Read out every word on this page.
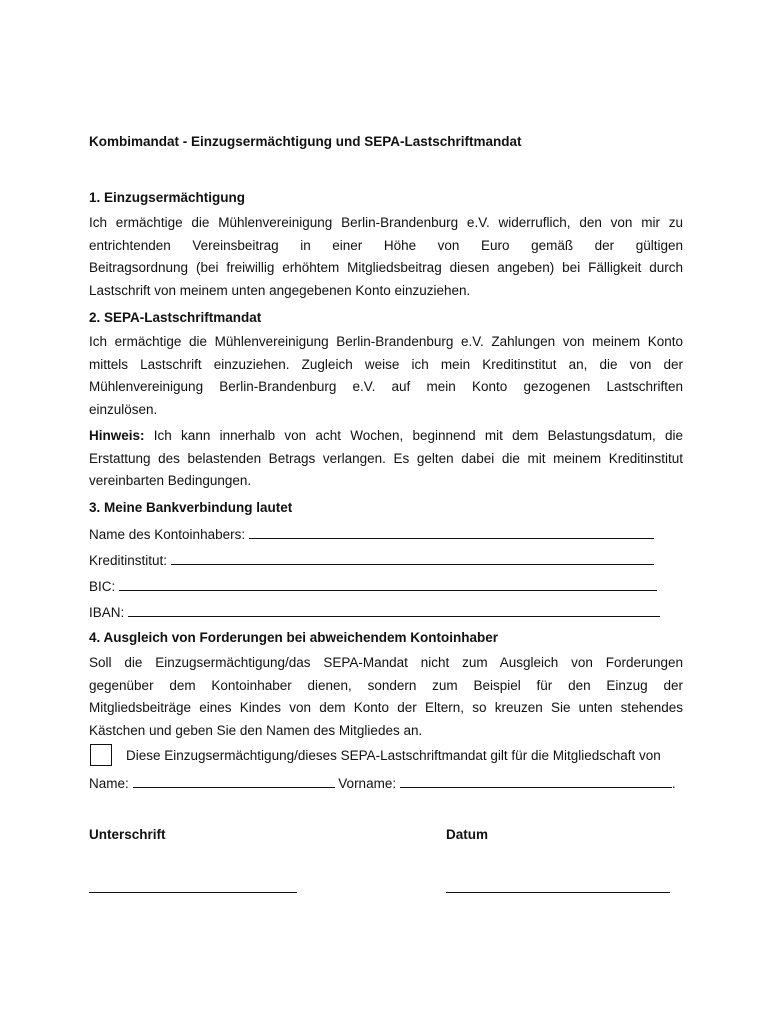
Kombimandat - Einzugsermächtigung und SEPA-Lastschriftmandat
1. Einzugsermächtigung
Ich ermächtige die Mühlenvereinigung Berlin-Brandenburg e.V. widerruflich, den von mir zu
entrichtenden Vereinsbeitrag in einer Höhe von Euro gemäß der gültigen
Beitragsordnung (bei freiwillig erhöhtem Mitgliedsbeitrag diesen angeben) bei Fälligkeit durch
Lastschrift von meinem unten angegebenen Konto einzuziehen.
2. SEPA-Lastschriftmandat
Ich ermächtige die Mühlenvereinigung Berlin-Brandenburg e.V. Zahlungen von meinem Konto
mittels Lastschrift einzuziehen. Zugleich weise ich mein Kreditinstitut an, die von der
Mühlenvereinigung Berlin-Brandenburg e.V. auf mein Konto gezogenen Lastschriften
einzulösen.
Hinweis: Ich kann innerhalb von acht Wochen, beginnend mit dem Belastungsdatum, die
Erstattung des belastenden Betrags verlangen. Es gelten dabei die mit meinem Kreditinstitut
vereinbarten Bedingungen.
3. Meine Bankverbindung lautet
Name des Kontoinhabers:
Kreditinstitut:
BIC:
IBAN:
4. Ausgleich von Forderungen bei abweichendem Kontoinhaber
Soll die Einzugsermächtigung/das SEPA-Mandat nicht zum Ausgleich von Forderungen
gegenüber dem Kontoinhaber dienen, sondern zum Beispiel für den Einzug der
Mitgliedsbeiträge eines Kindes von dem Konto der Eltern, so kreuzen Sie unten stehendes
Kästchen und geben Sie den Namen des Mitgliedes an.
Diese Einzugsermächtigung/dieses SEPA-Lastschriftmandat gilt für die Mitgliedschaft von
Name:	Vorname:	.
Unterschrift	Datum
